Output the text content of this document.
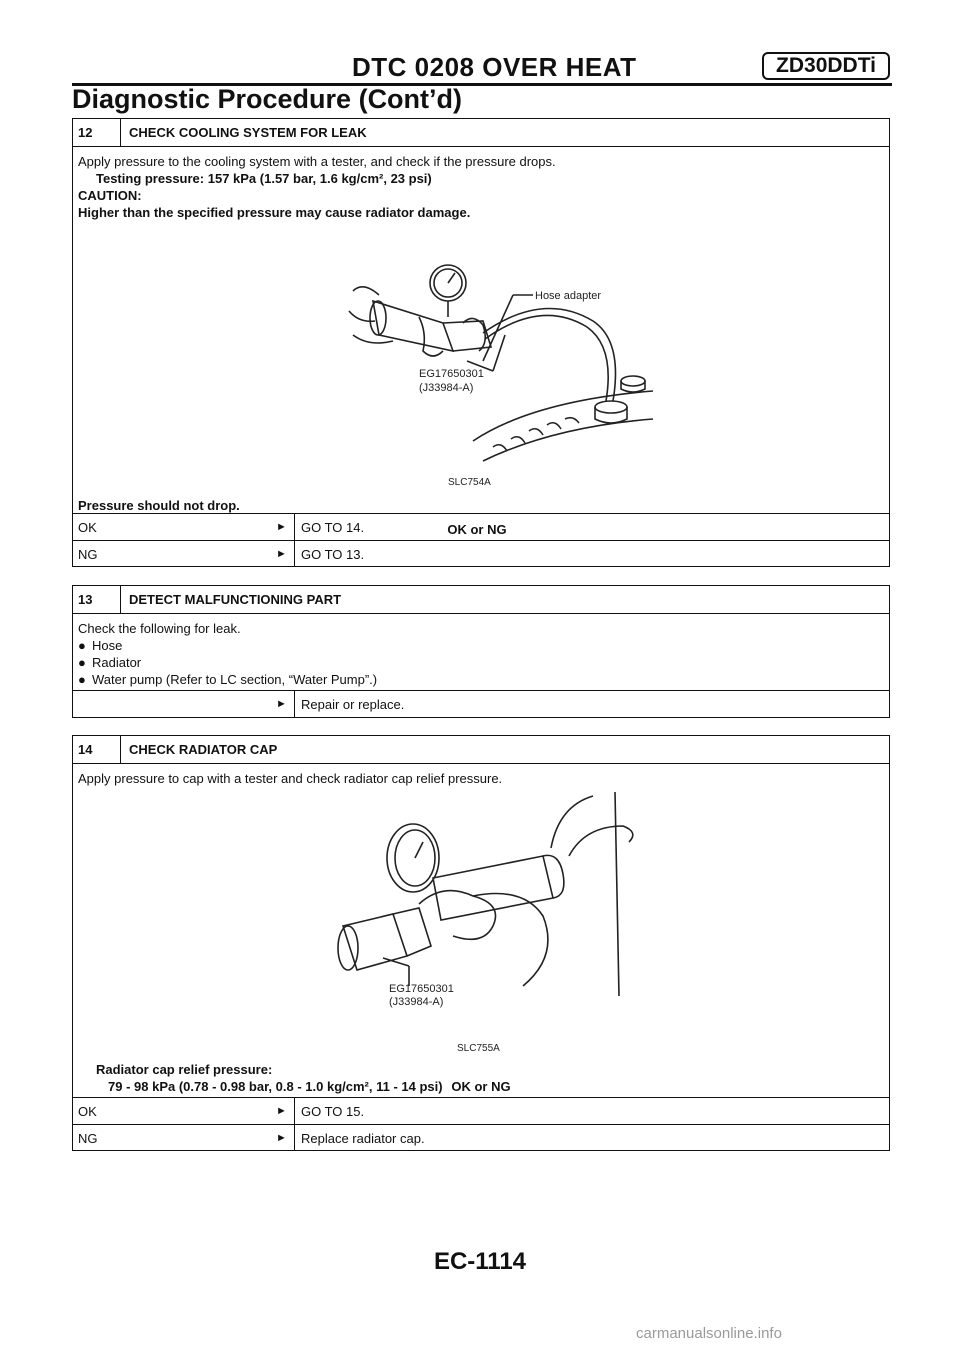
DTC 0208 OVER HEAT	ZD30DDTi
Diagnostic Procedure (Cont’d)
12	CHECK COOLING SYSTEM FOR LEAK
Apply pressure to the cooling system with a tester, and check if the pressure drops.
Testing pressure: 157 kPa (1.57 bar, 1.6 kg/cm², 23 psi)
CAUTION:
Higher than the specified pressure may cause radiator damage.
Hose adapter
EG17650301
(J33984-A)
SLC754A
Pressure should not drop.
OK or NG
OK	►	GO TO 14.
NG	►	GO TO 13.
13	DETECT MALFUNCTIONING PART
Check the following for leak.
● Hose
● Radiator
● Water pump (Refer to LC section, “Water Pump”.)
►	Repair or replace.
14	CHECK RADIATOR CAP
Apply pressure to cap with a tester and check radiator cap relief pressure.
EG17650301
(J33984-A)
SLC755A
Radiator cap relief pressure:
79 - 98 kPa (0.78 - 0.98 bar, 0.8 - 1.0 kg/cm², 11 - 14 psi) OK or NG
OK	►	GO TO 15.
NG	►	Replace radiator cap.
EC-1114
carmanualsonline.info
